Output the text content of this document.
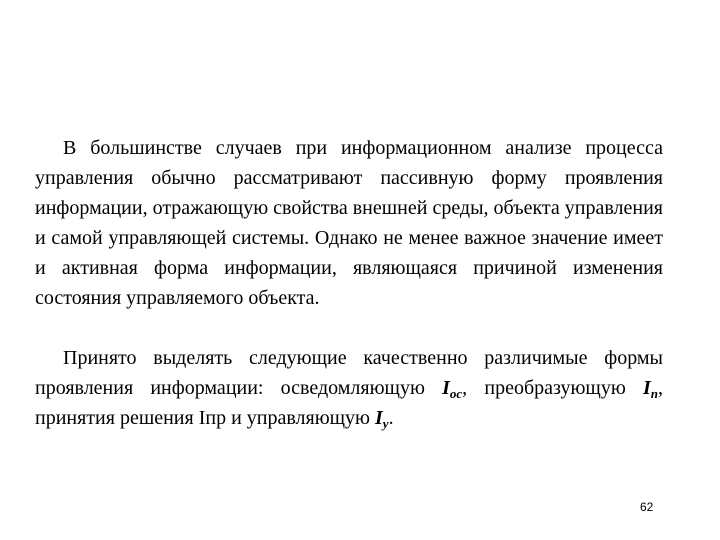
В большинстве случаев при информационном анализе процесса управления обычно рассматривают пассивную форму проявления информации, отражающую свойства внешней среды, объекта управления и самой управляющей системы. Однако не менее важное значение имеет и активная форма информации, являющаяся причиной изменения состояния управляемого объекта.

Принято выделять следующие качественно различимые формы проявления информации: осведомляющую $I_{ос}$, преобразующую $I_п$, принятия решения Iпр и управляющую $I_у$.

62
